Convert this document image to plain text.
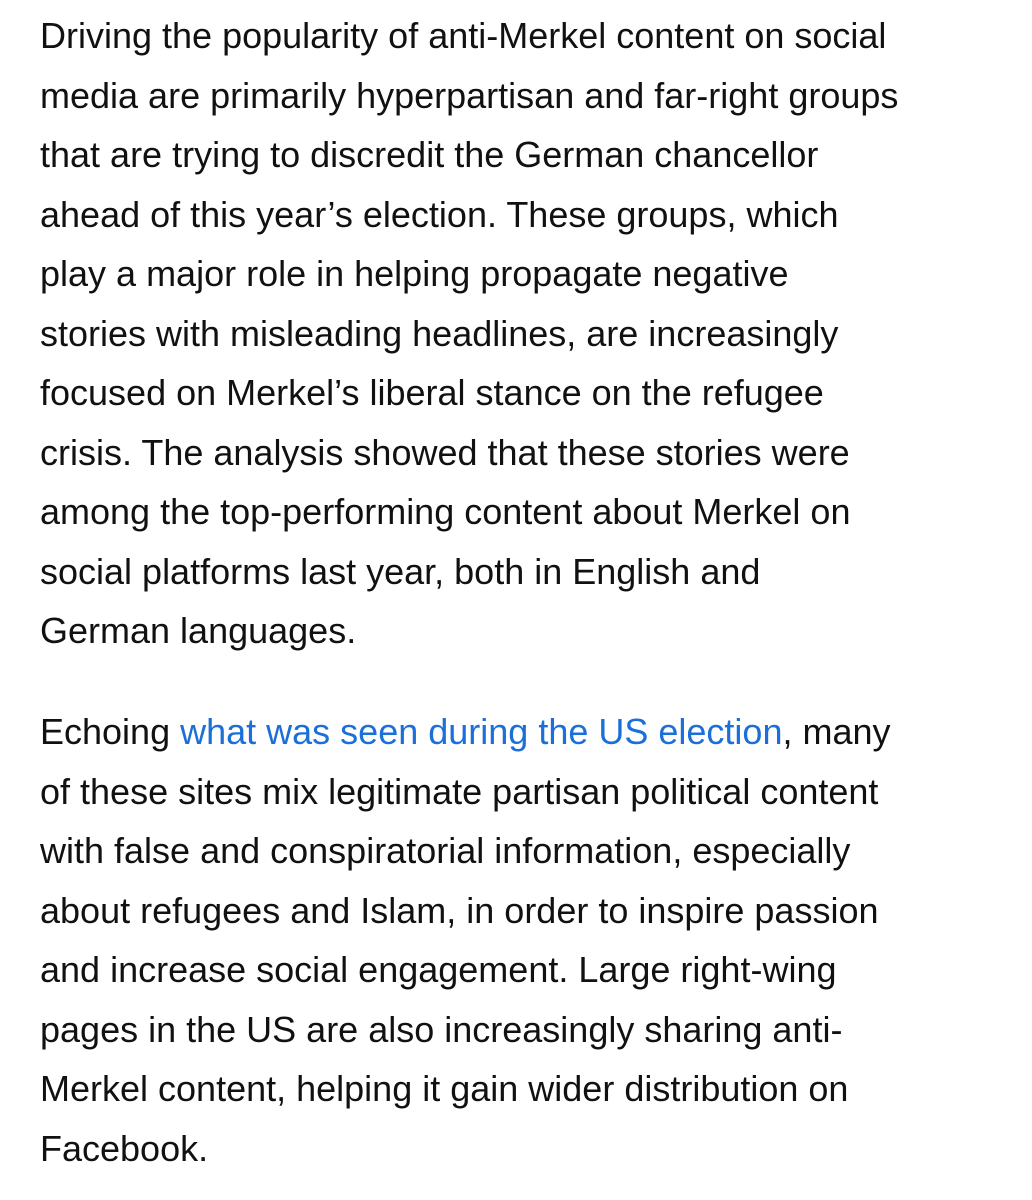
Driving the popularity of anti-Merkel content on social
media are primarily hyperpartisan and far-right groups
that are trying to discredit the German chancellor
ahead of this year’s election. These groups, which
play a major role in helping propagate negative
stories with misleading headlines, are increasingly
focused on Merkel’s liberal stance on the refugee
crisis. The analysis showed that these stories were
among the top-performing content about Merkel on
social platforms last year, both in English and
German languages.
Echoing what was seen during the US election, many
of these sites mix legitimate partisan political content
with false and conspiratorial information, especially
about refugees and Islam, in order to inspire passion
and increase social engagement. Large right-wing
pages in the US are also increasingly sharing anti-
Merkel content, helping it gain wider distribution on
Facebook.
